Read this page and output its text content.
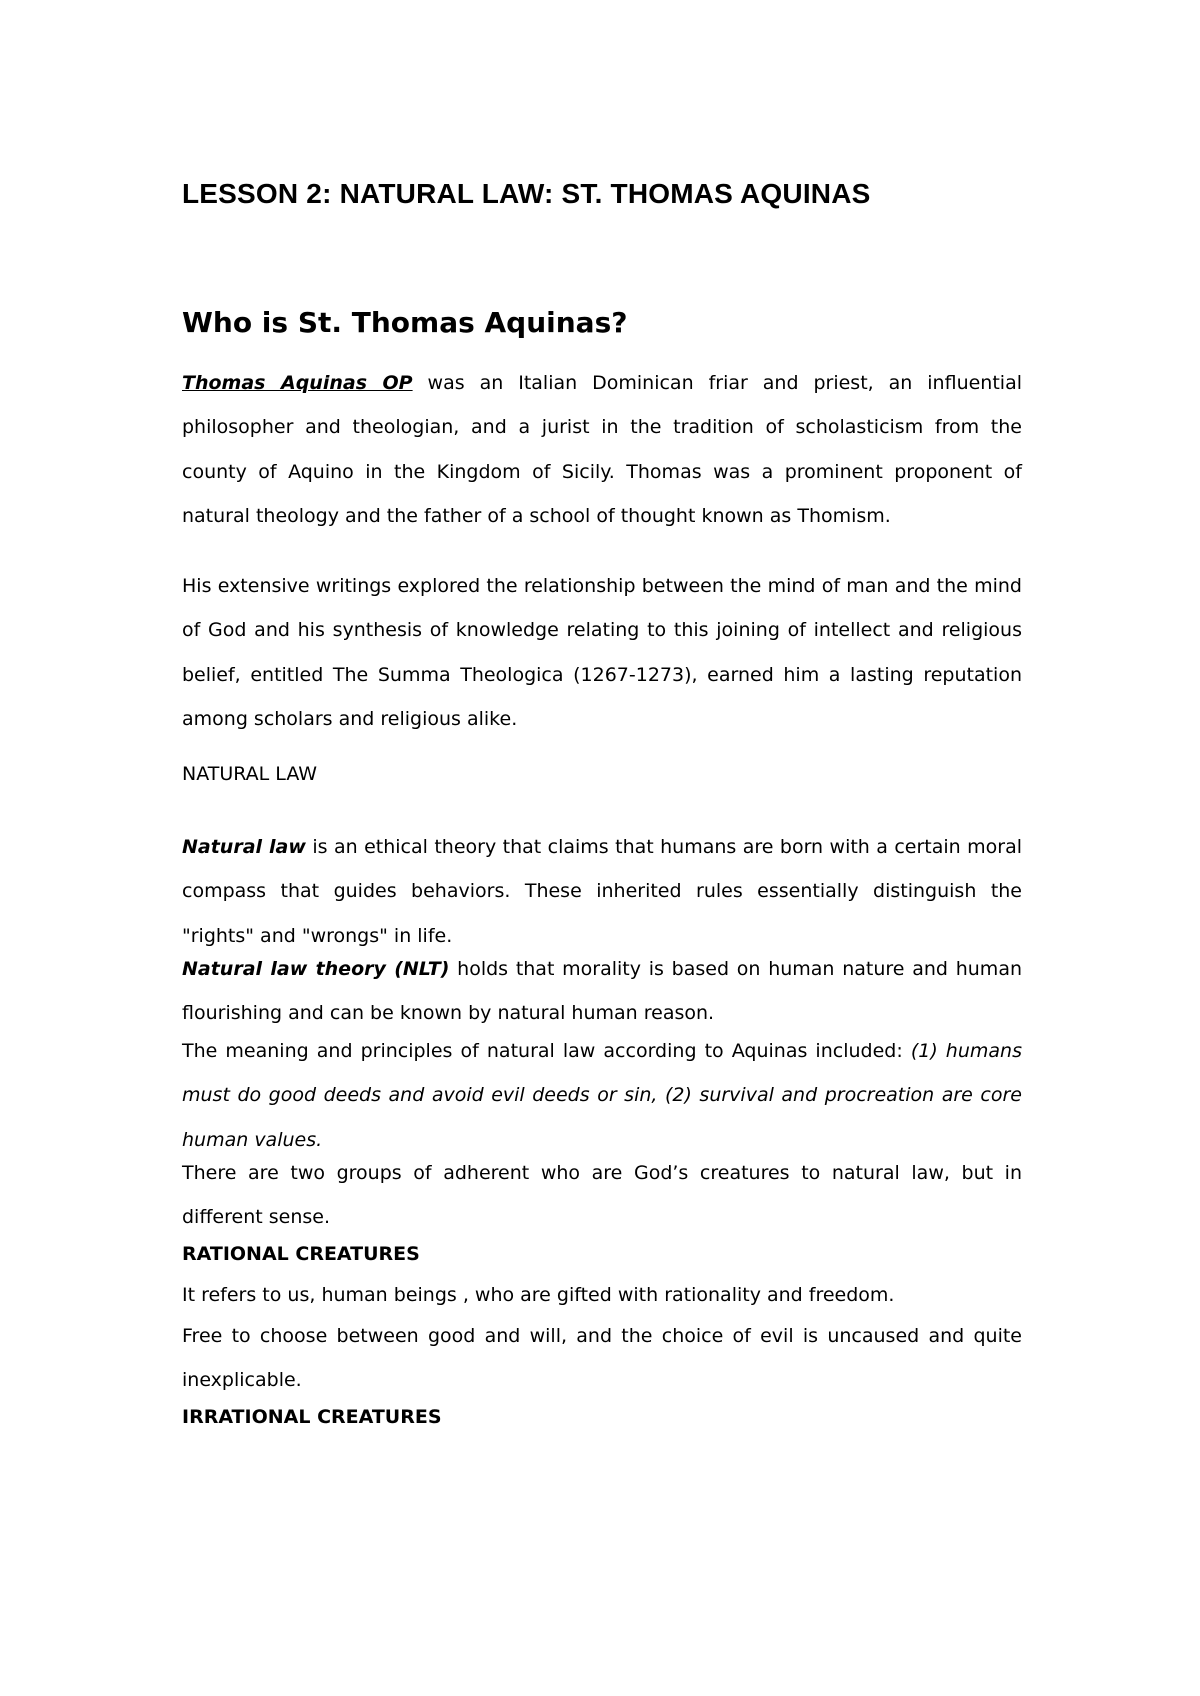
LESSON 2: NATURAL LAW: ST. THOMAS AQUINAS
Who is St. Thomas Aquinas?

Thomas Aquinas OP was an Italian Dominican friar and priest, an influential philosopher and theologian, and a jurist in the tradition of scholasticism from the county of Aquino in the Kingdom of Sicily. Thomas was a prominent proponent of natural theology and the father of a school of thought known as Thomism.

His extensive writings explored the relationship between the mind of man and the mind of God and his synthesis of knowledge relating to this joining of intellect and religious belief, entitled The Summa Theologica (1267-1273), earned him a lasting reputation among scholars and religious alike.

NATURAL LAW

Natural law is an ethical theory that claims that humans are born with a certain moral compass that guides behaviors. These inherited rules essentially distinguish the "rights" and "wrongs" in life.

Natural law theory (NLT) holds that morality is based on human nature and human flourishing and can be known by natural human reason.

The meaning and principles of natural law according to Aquinas included: (1) humans must do good deeds and avoid evil deeds or sin, (2) survival and procreation are core human values.

There are two groups of adherent who are God’s creatures to natural law, but in different sense.

RATIONAL CREATURES

It refers to us, human beings , who are gifted with rationality and freedom.

Free to choose between good and will, and the choice of evil is uncaused and quite inexplicable.

IRRATIONAL CREATURES
